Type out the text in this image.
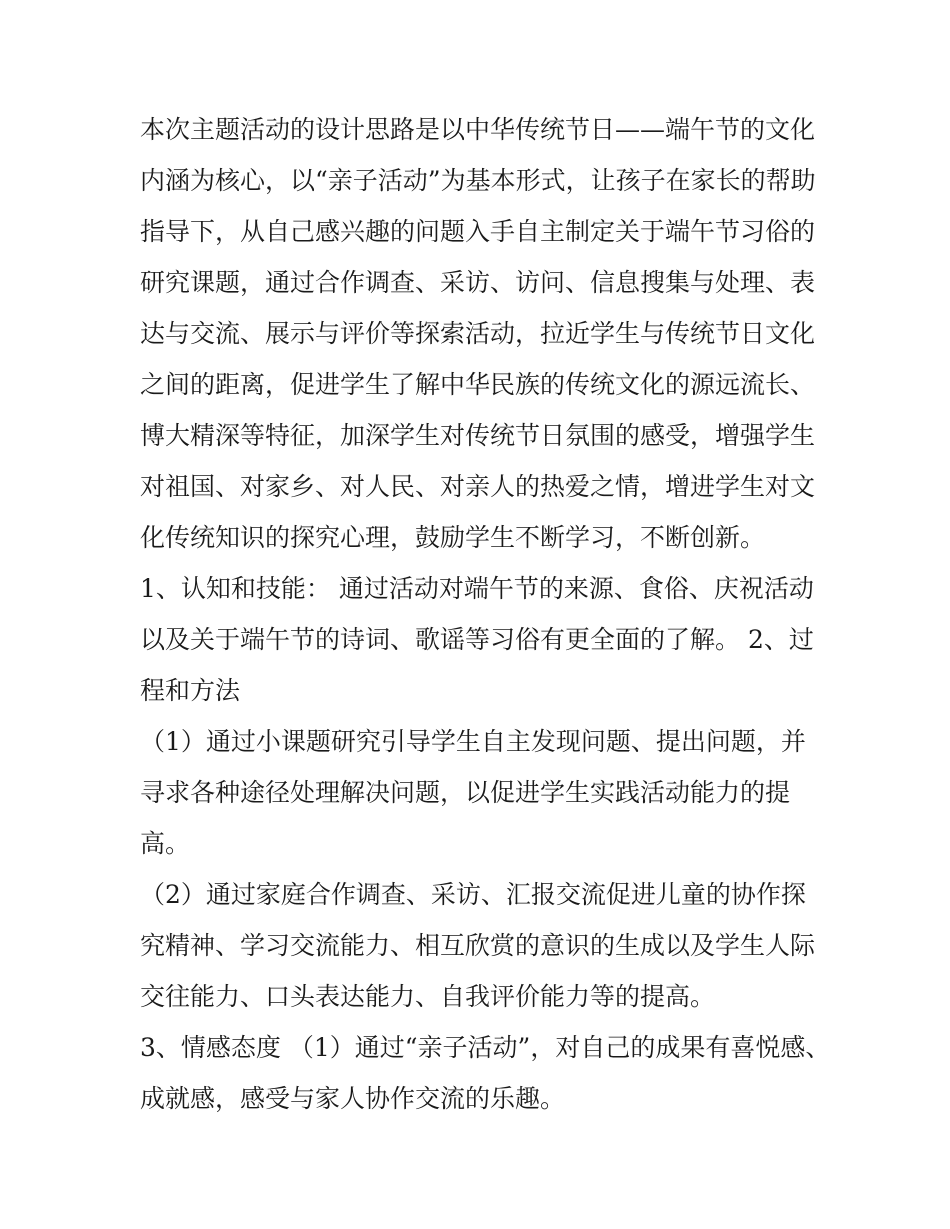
本次主题活动的设计思路是以中华传统节日——端午节的文化
内涵为核心，以“亲子活动”为基本形式，让孩子在家长的帮助
指导下，从自己感兴趣的问题入手自主制定关于端午节习俗的
研究课题，通过合作调查、采访、访问、信息搜集与处理、表
达与交流、展示与评价等探索活动，拉近学生与传统节日文化
之间的距离，促进学生了解中华民族的传统文化的源远流长、
博大精深等特征，加深学生对传统节日氛围的感受，增强学生
对祖国、对家乡、对人民、对亲人的热爱之情，增进学生对文
化传统知识的探究心理，鼓励学生不断学习，不断创新。
1、认知和技能： 通过活动对端午节的来源、食俗、庆祝活动
以及关于端午节的诗词、歌谣等习俗有更全面的了解。 2、过
程和方法
（1）通过小课题研究引导学生自主发现问题、提出问题，并
寻求各种途径处理解决问题，以促进学生实践活动能力的提
高。
（2）通过家庭合作调查、采访、汇报交流促进儿童的协作探
究精神、学习交流能力、相互欣赏的意识的生成以及学生人际
交往能力、口头表达能力、自我评价能力等的提高。
3、情感态度 （1）通过“亲子活动”，对自己的成果有喜悦感、
成就感，感受与家人协作交流的乐趣。
